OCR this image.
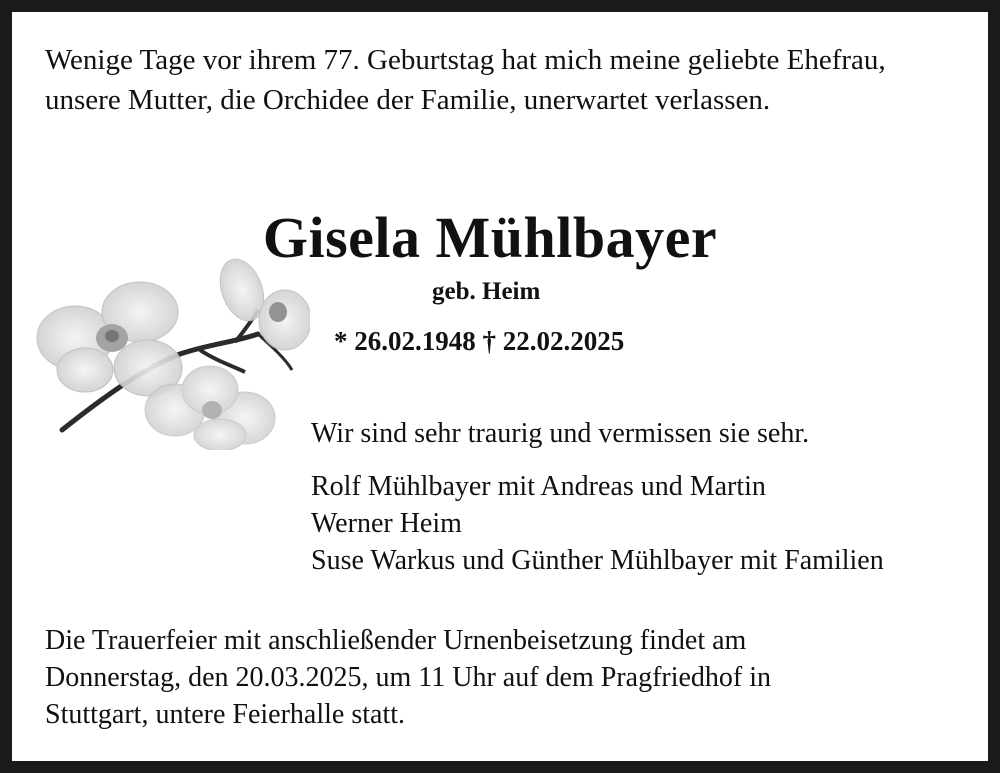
Wenige Tage vor ihrem 77. Geburtstag hat mich meine geliebte Ehefrau,
unsere Mutter, die Orchidee der Familie, unerwartet verlassen.
Gisela Mühlbayer
geb. Heim
* 26.02.1948 † 22.02.2025
Wir sind sehr traurig und vermissen sie sehr.
Rolf Mühlbayer mit Andreas und Martin
Werner Heim
Suse Warkus und Günther Mühlbayer mit Familien
Die Trauerfeier mit anschließender Urnenbeisetzung findet am
Donnerstag, den 20.03.2025, um 11 Uhr auf dem Pragfriedhof in
Stuttgart, untere Feierhalle statt.
